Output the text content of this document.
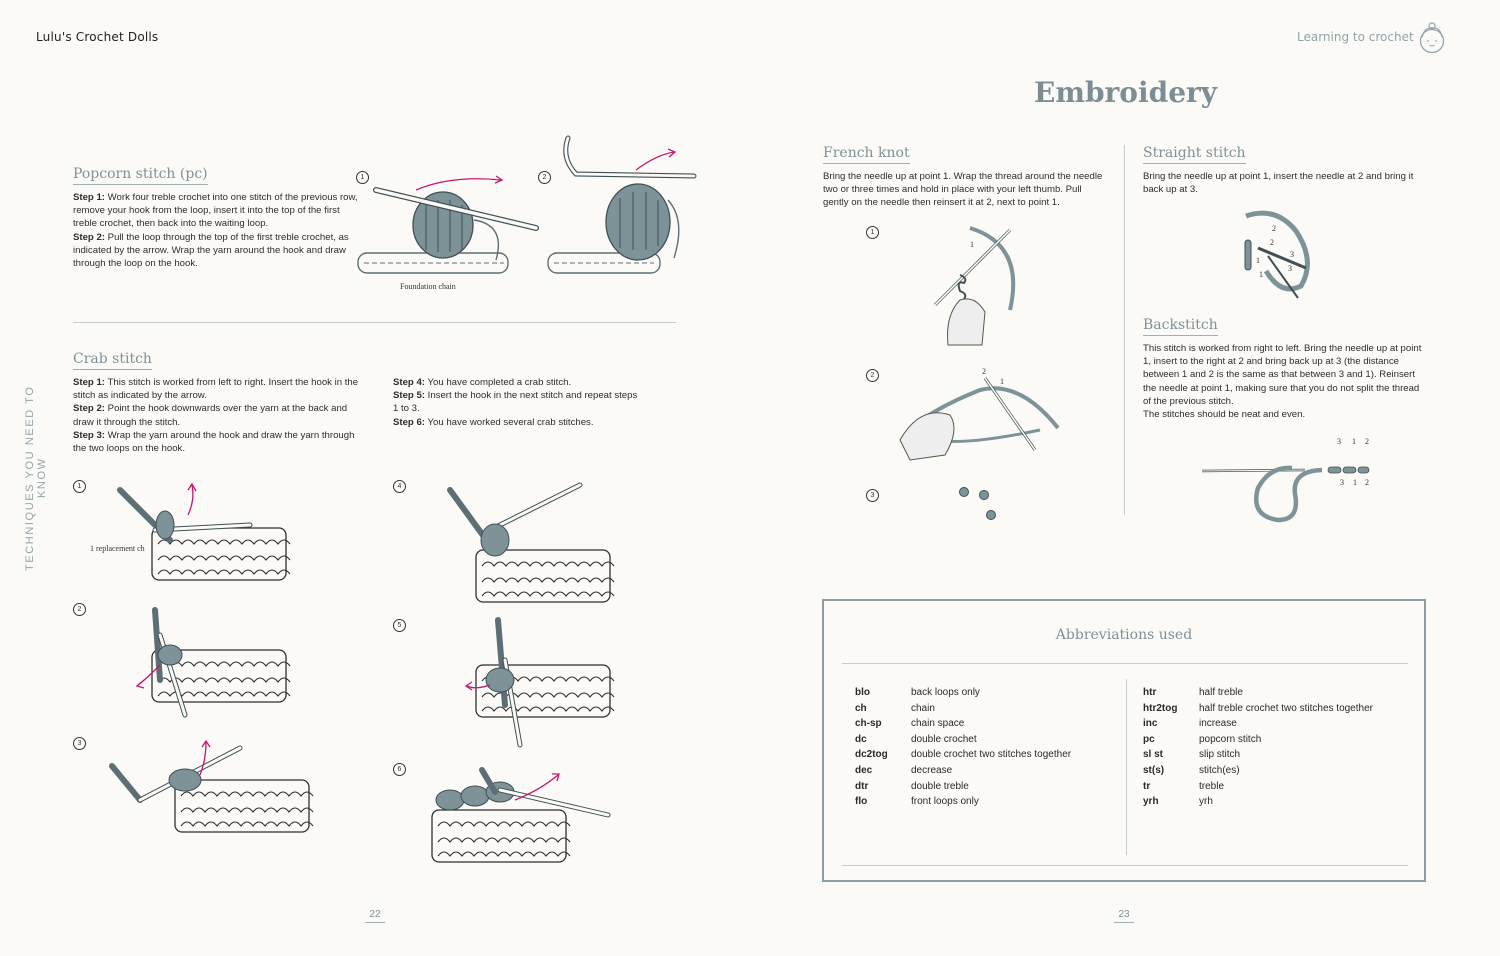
Lulu's Crochet Dolls	Learning to crochet
TECHNIQUES YOU NEED TO KNOW
Popcorn stitch (pc)

Step 1: Work four treble crochet into one stitch of the previous row, remove your hook from the loop, insert it into the top of the first treble crochet, then back into the waiting loop.

Step 2: Pull the loop through the top of the first treble crochet, as indicated by the arrow. Wrap the yarn around the hook and draw through the loop on the hook.

1	2
Foundation chain
Crab stitch

Step 1: This stitch is worked from left to right. Insert the hook in the stitch as indicated by the arrow.

Step 2: Point the hook downwards over the yarn at the back and draw it through the stitch.

Step 3: Wrap the yarn around the hook and draw the yarn through the two loops on the hook.

Step 4: You have completed a crab stitch.

Step 5: Insert the hook in the next stitch and repeat steps 1 to 3.

Step 6: You have worked several crab stitches.

1
2
3
4
5
6
1 replacement ch
22
Embroidery
French knot
Bring the needle up at point 1. Wrap the thread around the needle two or three times and hold in place with your left thumb. Pull gently on the needle then reinsert it at 2, next to point 1.
1
2
3
1
2
1
Straight stitch
Bring the needle up at point 1, insert the needle at 2 and bring it back up at 3.
2
2
3
1
3
1
Backstitch

This stitch is worked from right to left. Bring the needle up at point 1, insert to the right at 2 and bring back up at 3 (the distance between 1 and 2 is the same as that between 3 and 1). Reinsert the needle at point 1, making sure that you do not split the thread of the previous stitch.

The stitches should be neat and even.

3 1 2
3 1 2
Abbreviations used
blo	back loops only
ch	chain
ch-sp	chain space
dc	double crochet
dc2tog double crochet two stitches together
dec	decrease
dtr	double treble
flo	front loops only
htr	half treble
htr2tog half treble crochet two stitches together
inc	increase
pc	popcorn stitch
sl st	slip stitch
st(s)	stitch(es)
tr	treble
yrh	yrh
23
